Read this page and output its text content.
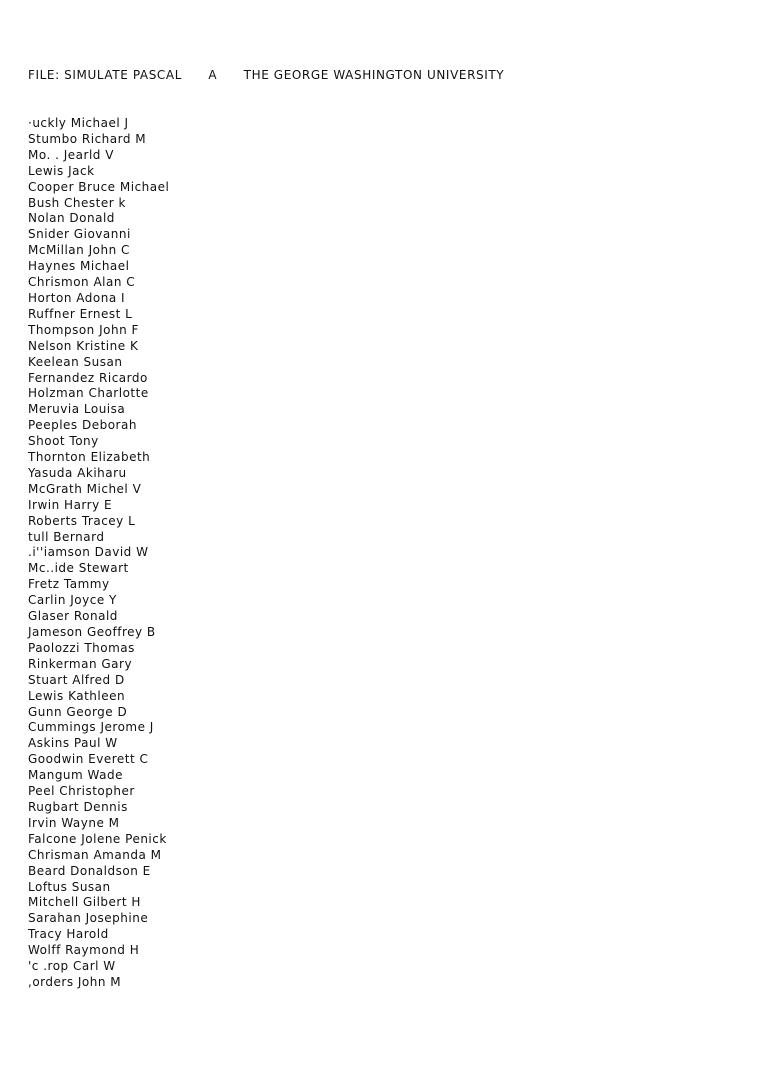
FILE: SIMULATE PASCAL A THE GEORGE WASHINGTON UNIVERSITY
·uckly Michael J
Stumbo Richard M
Mo. . Jearld V
Lewis Jack
Cooper Bruce Michael
Bush Chester k
Nolan Donald
Snider Giovanni
McMillan John C
Haynes Michael
Chrismon Alan C
Horton Adona I
Ruffner Ernest L
Thompson John F
Nelson Kristine K
Keelean Susan
Fernandez Ricardo
Holzman Charlotte
Meruvia Louisa
Peeples Deborah
Shoot Tony
Thornton Elizabeth
Yasuda Akiharu
McGrath Michel V
Irwin Harry E
Roberts Tracey L
tull Bernard
.i''iamson David W
Mc..ide Stewart
Fretz Tammy
Carlin Joyce Y
Glaser Ronald
Jameson Geoffrey B
Paolozzi Thomas
Rinkerman Gary
Stuart Alfred D
Lewis Kathleen
Gunn George D
Cummings Jerome J
Askins Paul W
Goodwin Everett C
Mangum Wade
Peel Christopher
Rugbart Dennis
Irvin Wayne M
Falcone Jolene Penick
Chrisman Amanda M
Beard Donaldson E
Loftus Susan
Mitchell Gilbert H
Sarahan Josephine
Tracy Harold
Wolff Raymond H
'c .rop Carl W
,orders John M
